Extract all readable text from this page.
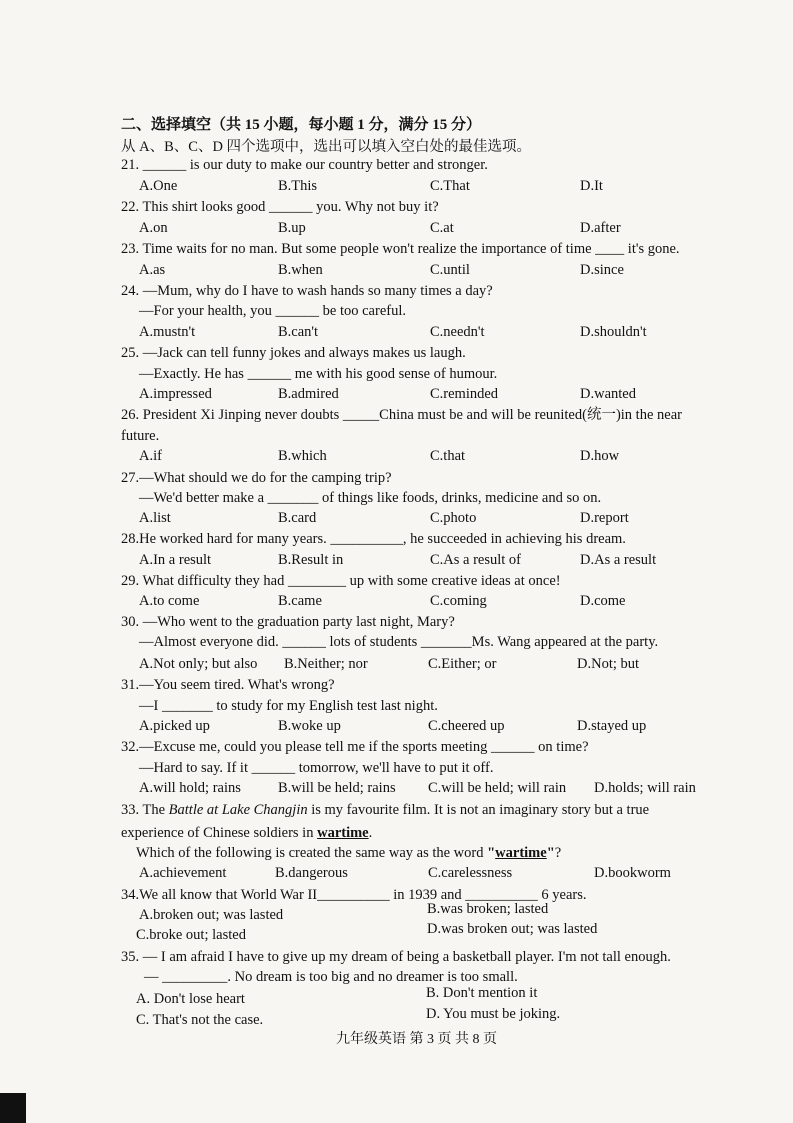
二、选择填空（共 15 小题，每小题 1 分，满分 15 分）
从 A、B、C、D 四个选项中，选出可以填入空白处的最佳选项。
21. ______ is our duty to make our country better and stronger.
A.One	B.This	C.That	D.It
22. This shirt looks good ______ you. Why not buy it?
A.on	B.up	C.at	D.after
23. Time waits for no man. But some people won't realize the importance of time ____ it's gone.
A.as	B.when	C.until	D.since
24. —Mum, why do I have to wash hands so many times a day?
—For your health, you ______ be too careful.
A.mustn't	B.can't	C.needn't	D.shouldn't
25. —Jack can tell funny jokes and always makes us laugh.
—Exactly. He has ______ me with his good sense of humour.
A.impressed	B.admired	C.reminded	D.wanted
26. President Xi Jinping never doubts _____China must be and will be reunited(统一)in the near
future.
A.if	B.which	C.that	D.how
27.—What should we do for the camping trip?
—We'd better make a _______ of things like foods, drinks, medicine and so on.
A.list	B.card	C.photo	D.report
28.He worked hard for many years. __________, he succeeded in achieving his dream.
A.In a result	B.Result in	C.As a result of	D.As a result
29. What difficulty they had ________ up with some creative ideas at once!
A.to come	B.came	C.coming	D.come
30. —Who went to the graduation party last night, Mary?
—Almost everyone did. ______ lots of students _______Ms. Wang appeared at the party.
A.Not only; but also B.Neither; nor	C.Either; or	D.Not; but
31.—You seem tired. What's wrong?
—I _______ to study for my English test last night.
A.picked up	B.woke up	C.cheered up	D.stayed up
32.—Excuse me, could you please tell me if the sports meeting ______ on time?
—Hard to say. If it ______ tomorrow, we'll have to put it off.
A.will hold; rains	B.will be held; rains C.will be held; will rain D.holds; will rain
33. The Battle at Lake Changjin is my favourite film. It is not an imaginary story but a true
experience of Chinese soldiers in wartime.
Which of the following is created the same way as the word "wartime"?
A.achievement	B.dangerous	C.carelessness	D.bookworm
34.We all know that World War II__________ in 1939 and __________ 6 years.
A.broken out; was lasted	B.was broken; lasted
C.broke out; lasted	D.was broken out; was lasted
35. — I am afraid I have to give up my dream of being a basketball player. I'm not tall enough.
— _________. No dream is too big and no dreamer is too small.
A. Don't lose heart	B. Don't mention it
C. That's not the case.	D. You must be joking.
九年级英语 第 3 页 共 8 页
